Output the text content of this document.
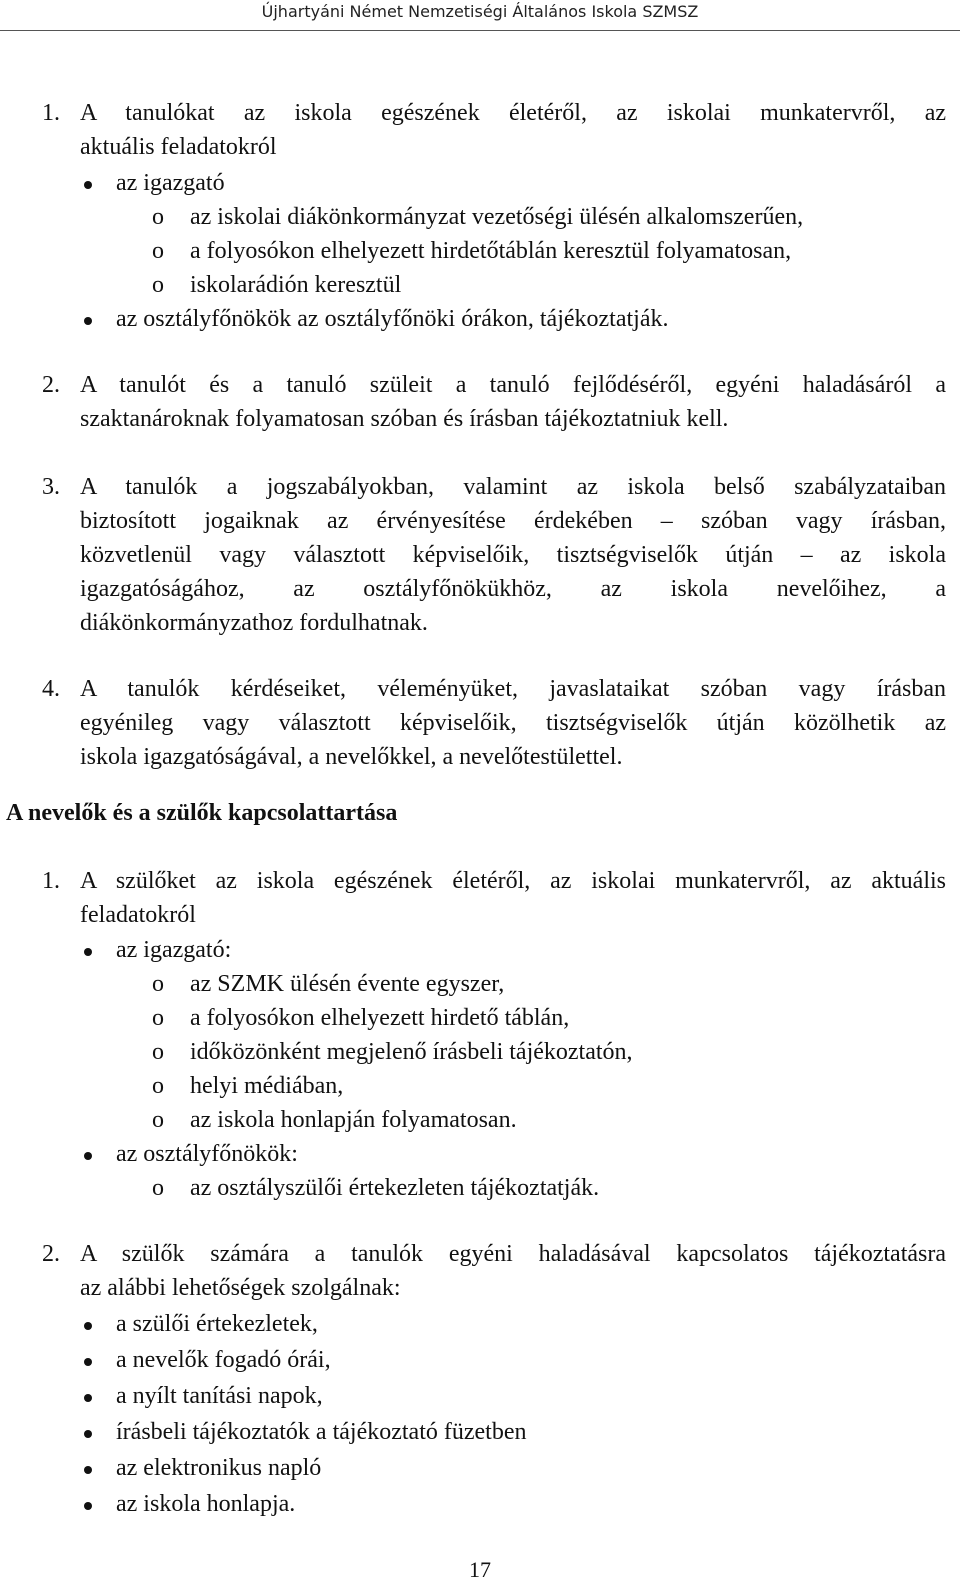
Újhartyáni Német Nemzetiségi Általános Iskola SZMSZ
1. A tanulókat az iskola egészének életéről, az iskolai munkatervről, az
aktuális feladatokról
az igazgató
o az iskolai diákönkormányzat vezetőségi ülésén alkalomszerűen,
o a folyosókon elhelyezett hirdetőtáblán keresztül folyamatosan,
o iskolarádión keresztül
az osztályfőnökök az osztályfőnöki órákon, tájékoztatják.
2. A tanulót és a tanuló szüleit a tanuló fejlődéséről, egyéni haladásáról a
szaktanároknak folyamatosan szóban és írásban tájékoztatniuk kell.
3. A tanulók a jogszabályokban, valamint az iskola belső szabályzataiban
biztosított jogaiknak az érvényesítése érdekében – szóban vagy írásban,
közvetlenül vagy választott képviselőik, tisztségviselők útján – az iskola
igazgatóságához, az osztályfőnökükhöz, az iskola nevelőihez, a
diákönkormányzathoz fordulhatnak.
4. A tanulók kérdéseiket, véleményüket, javaslataikat szóban vagy írásban
egyénileg vagy választott képviselőik, tisztségviselők útján közölhetik az
iskola igazgatóságával, a nevelőkkel, a nevelőtestülettel.
A nevelők és a szülők kapcsolattartása
1. A szülőket az iskola egészének életéről, az iskolai munkatervről, az aktuális
feladatokról
az igazgató:
o az SZMK ülésén évente egyszer,
o a folyosókon elhelyezett hirdető táblán,
o időközönként megjelenő írásbeli tájékoztatón,
o helyi médiában,
o az iskola honlapján folyamatosan.
az osztályfőnökök:
o az osztályszülői értekezleten tájékoztatják.
2. A szülők számára a tanulók egyéni haladásával kapcsolatos tájékoztatásra
az alábbi lehetőségek szolgálnak:
a szülői értekezletek,
a nevelők fogadó órái,
a nyílt tanítási napok,
írásbeli tájékoztatók a tájékoztató füzetben
az elektronikus napló
az iskola honlapja.
17
